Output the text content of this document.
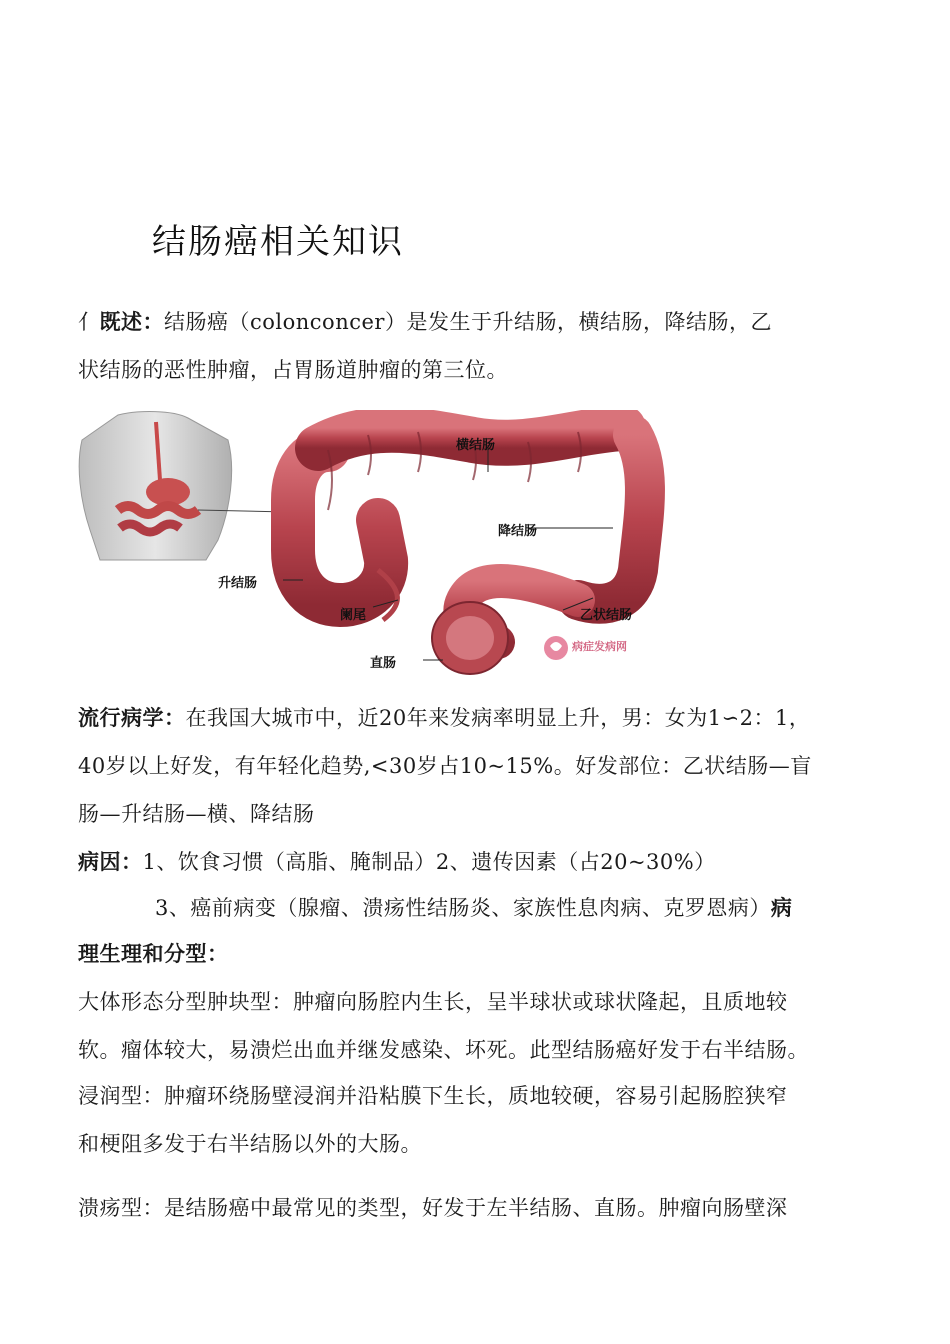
结肠癌相关知识
亻既述：结肠癌（colonconcer）是发生于升结肠，横结肠，降结肠，乙
状结肠的恶性肿瘤，占胃肠道肿瘤的第三位。
横结肠
降结肠
升结肠
阑尾	乙状结肠
直肠
病症发病网
流行病学：在我国大城市中，近20年来发病率明显上升，男：女为1∽2：1，
40岁以上好发，有年轻化趋势,<30岁占10~15%。好发部位：乙状结肠—盲
肠—升结肠—横、降结肠
病因：1、饮食习惯（高脂、腌制品）2、遗传因素（占20~30%）
3、癌前病变（腺瘤、溃疡性结肠炎、家族性息肉病、克罗恩病）病
理生理和分型：
大体形态分型肿块型：肿瘤向肠腔内生长，呈半球状或球状隆起，且质地较
软。瘤体较大，易溃烂出血并继发感染、坏死。此型结肠癌好发于右半结肠。
浸润型：肿瘤环绕肠壁浸润并沿粘膜下生长，质地较硬，容易引起肠腔狭窄
和梗阻多发于右半结肠以外的大肠。
溃疡型：是结肠癌中最常见的类型，好发于左半结肠、直肠。肿瘤向肠壁深
